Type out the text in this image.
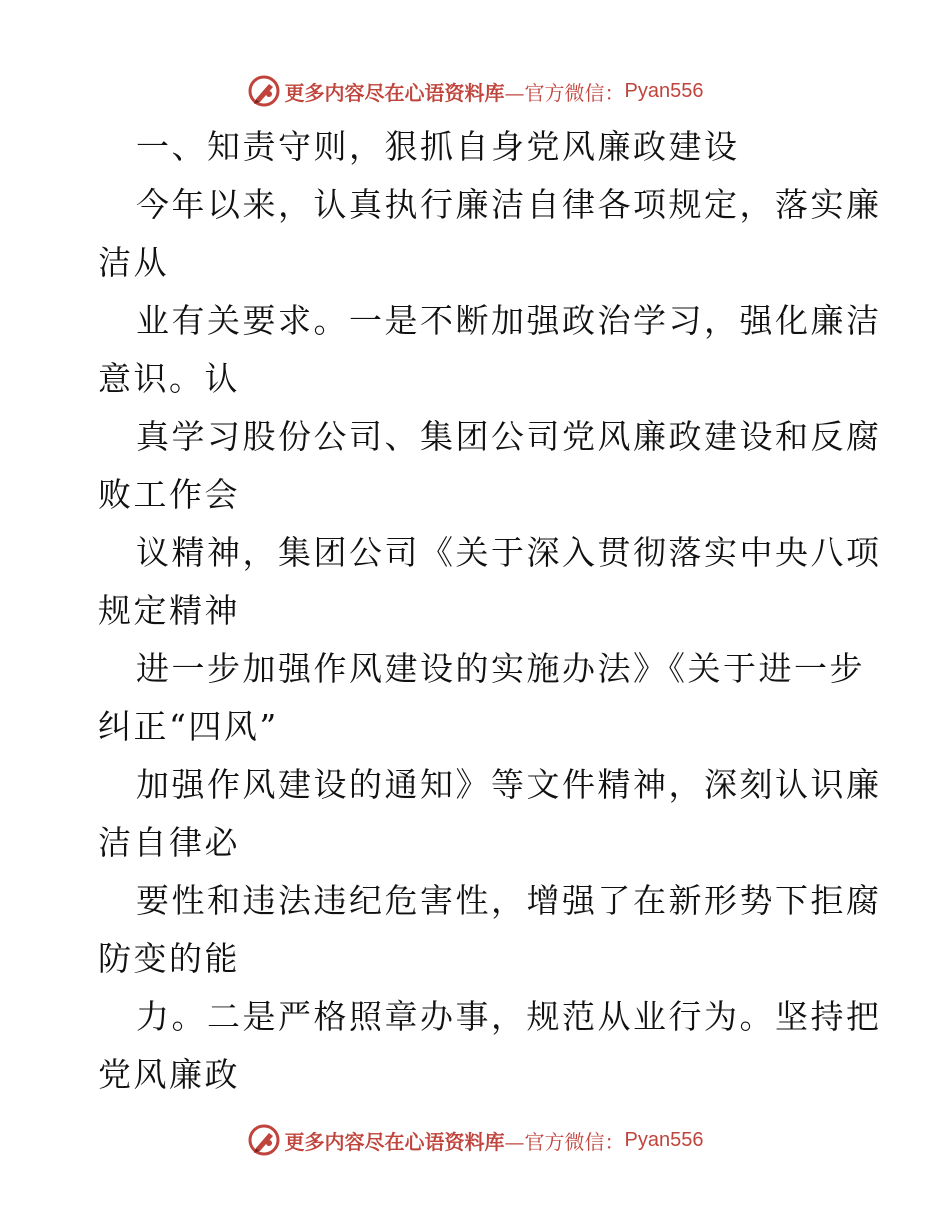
更多内容尽在心语资料库 —官方微信： Pyan556
一、知责守则，狠抓自身党风廉政建设
今年以来，认真执行廉洁自律各项规定，落实廉
洁从
业有关要求。一是不断加强政治学习，强化廉洁
意识。认
真学习股份公司、集团公司党风廉政建设和反腐
败工作会
议精神，集团公司《关于深入贯彻落实中央八项
规定精神
进一步加强作风建设的实施办法》《关于进一步
纠正“四风”
加强作风建设的通知》等文件精神，深刻认识廉
洁自律必
要性和违法违纪危害性，增强了在新形势下拒腐
防变的能
力。二是严格照章办事，规范从业行为。坚持把
党风廉政
更多内容尽在心语资料库 —官方微信： Pyan556
